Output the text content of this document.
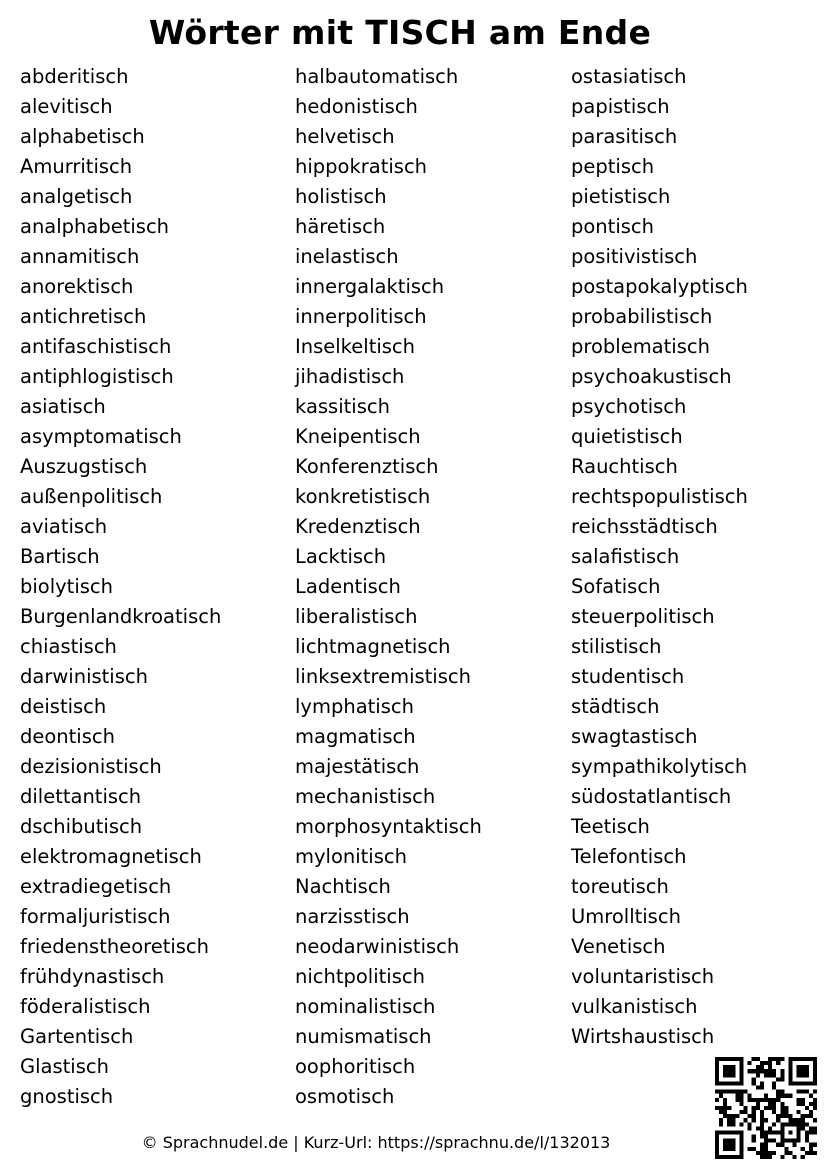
Wörter mit TISCH am Ende
abderitisch
alevitisch
alphabetisch
Amurritisch
analgetisch
analphabetisch
annamitisch
anorektisch
antichretisch
antifaschistisch
antiphlogistisch
asiatisch
asymptomatisch
Auszugstisch
außenpolitisch
aviatisch
Bartisch
biolytisch
Burgenlandkroatisch
chiastisch
darwinistisch
deistisch
deontisch
dezisionistisch
dilettantisch
dschibutisch
elektromagnetisch
extradiegetisch
formaljuristisch
friedenstheoretisch
frühdynastisch
föderalistisch
Gartentisch
Glastisch
gnostisch
halbautomatisch
hedonistisch
helvetisch
hippokratisch
holistisch
häretisch
inelastisch
innergalaktisch
innerpolitisch
Inselkeltisch
jihadistisch
kassitisch
Kneipentisch
Konferenztisch
konkretistisch
Kredenztisch
Lacktisch
Ladentisch
liberalistisch
lichtmagnetisch
linksextremistisch
lymphatisch
magmatisch
majestätisch
mechanistisch
morphosyntaktisch
mylonitisch
Nachtisch
narzisstisch
neodarwinistisch
nichtpolitisch
nominalistisch
numismatisch
oophoritisch
osmotisch
ostasiatisch
papistisch
parasitisch
peptisch
pietistisch
pontisch
positivistisch
postapokalyptisch
probabilistisch
problematisch
psychoakustisch
psychotisch
quietistisch
Rauchtisch
rechtspopulistisch
reichsstädtisch
salafistisch
Sofatisch
steuerpolitisch
stilistisch
studentisch
städtisch
swagtastisch
sympathikolytisch
südostatlantisch
Teetisch
Telefontisch
toreutisch
Umrolltisch
Venetisch
voluntaristisch
vulkanistisch
Wirtshaustisch
© Sprachnudel.de | Kurz-Url: https://sprachnu.de/l/132013
